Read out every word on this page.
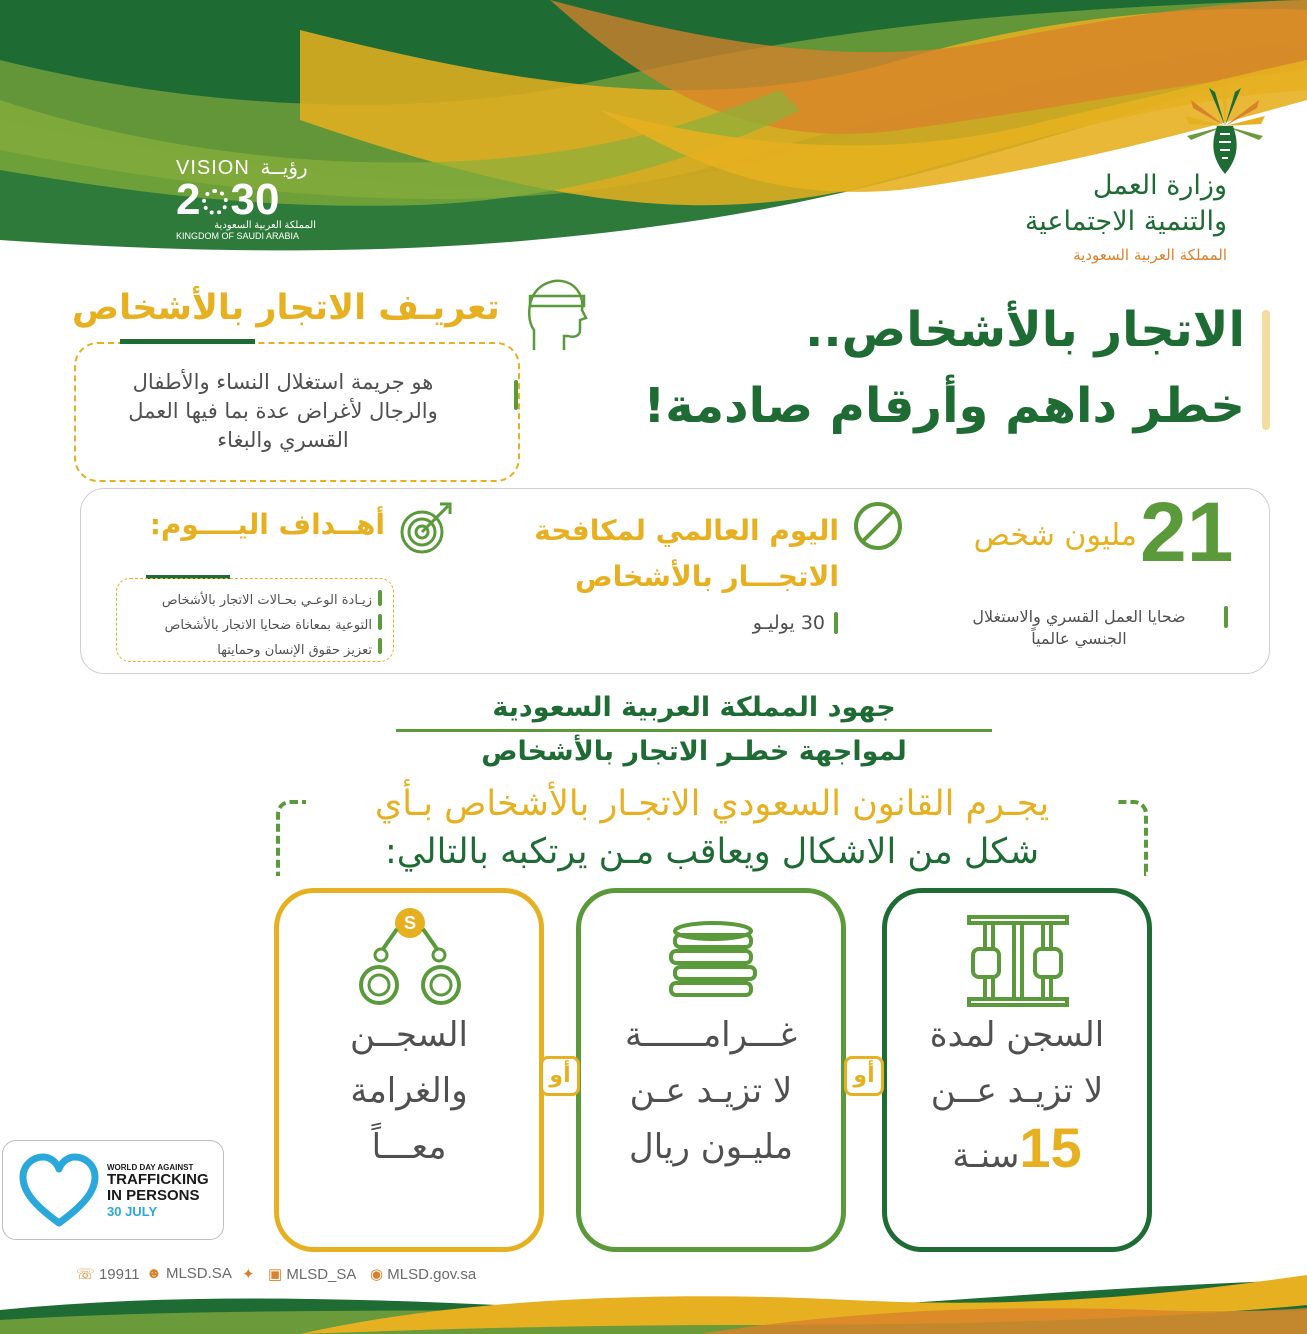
وزارة العمل
والتنمية الاجتماعية
المملكة العربية السعودية
VISION رؤيــة
2 30
المملكة العربية السعودية
KINGDOM OF SAUDI ARABIA
الاتجار بالأشخاص..
خطر داهم وأرقام صادمة!
تعريـف الاتجار بالأشخاص
هو جريمة استغلال النساء والأطفال
والرجال لأغراض عدة بما فيها العمل
القسري والبغاء
21
مليون شخص
ضحايا العمل القسري والاستغلال
الجنسي عالمياً
اليوم العالمي لمكافحة
الاتجـــار بالأشخاص
30 يوليـو
أهــداف اليــــوم:
زيـادة الوعـي بحـالات الاتجار بالأشخاص
التوعية بمعاناة ضحايا الاتجار بالأشخاص
تعزيز حقوق الإنسان وحمايتها
جهود المملكة العربية السعودية
لمواجهة خطـر الاتجار بالأشخاص
يجـرم القانون السعودي الاتجـار بالأشخاص بـأي
شكل من الاشكال ويعاقب مـن يرتكبه بالتالي:
السجن لمدة
لا تزيـد عــن
15سنـة
غـــرامــــــة
لا تزيـد عـن
مليـون ريال
S
السجــن
والغرامة
معـــاً
أو
أو
WORLD DAY AGAINST
TRAFFICKING
IN PERSONS
30 JULY
☏ 19911 ☻ MLSD.SA ✦ ▣ MLSD_SA ◉ MLSD.gov.sa
